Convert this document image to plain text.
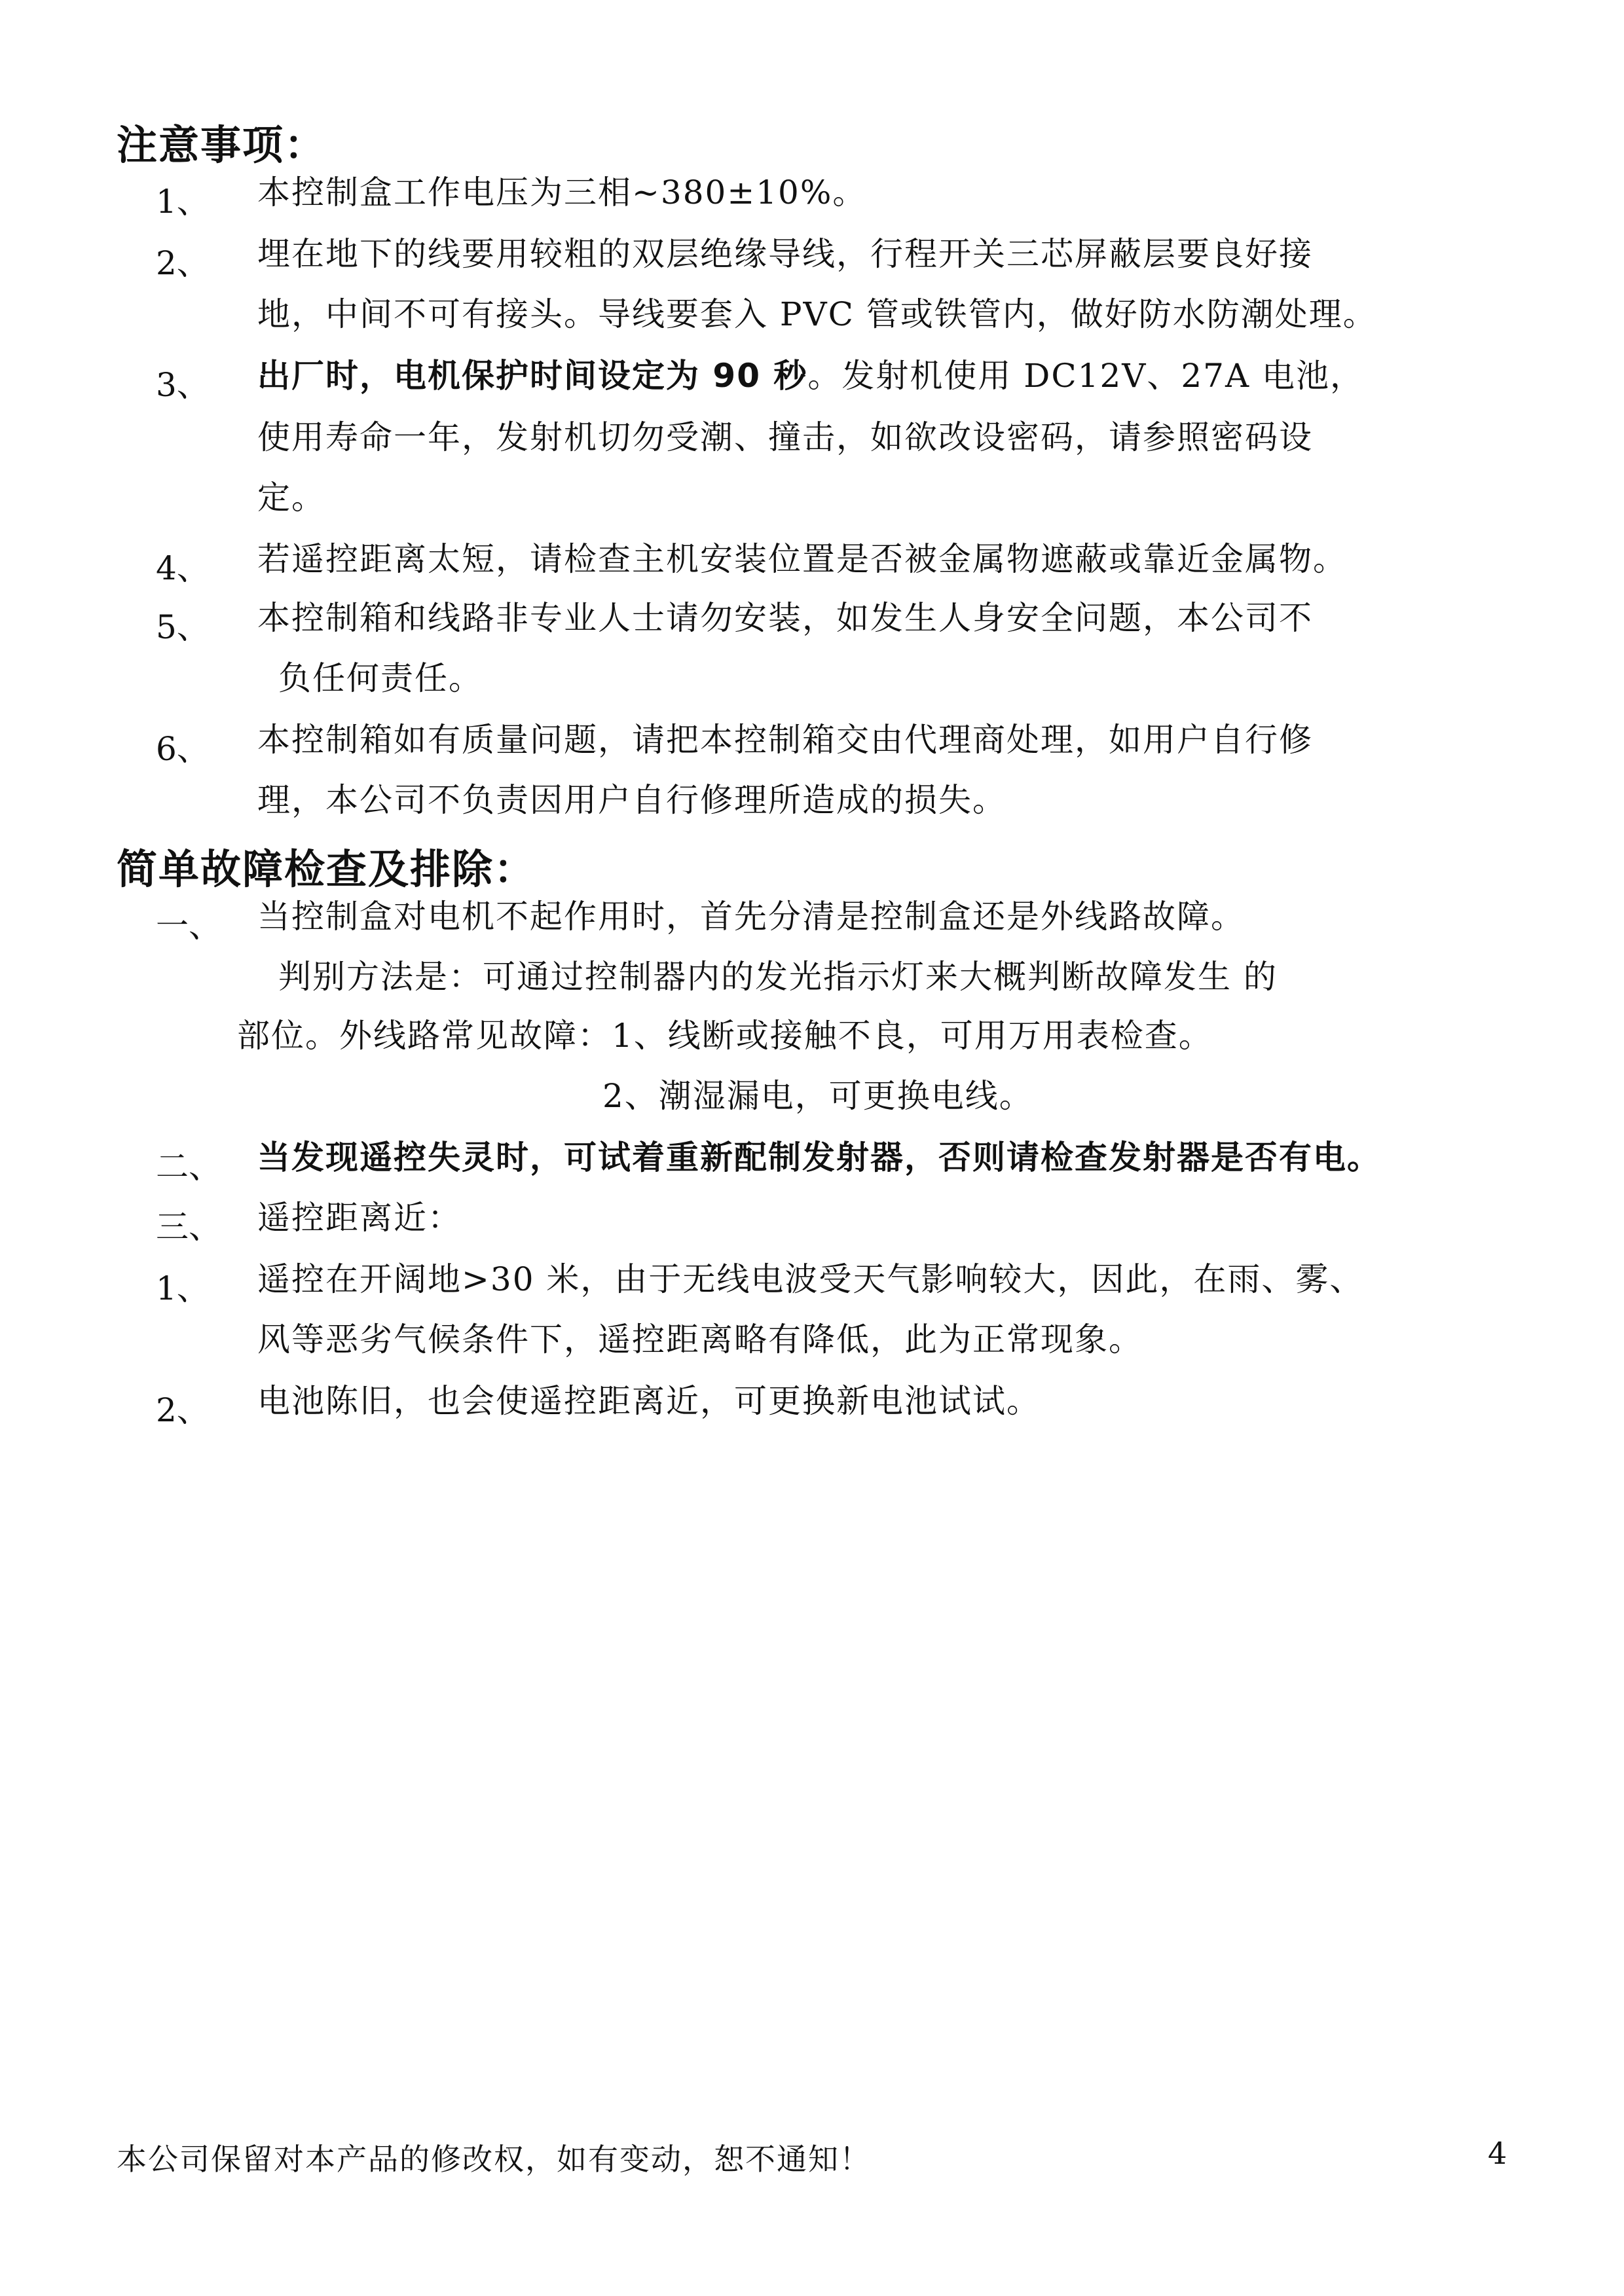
注意事项：
1、 本控制盒工作电压为三相~380±10%。
2、 埋在地下的线要用较粗的双层绝缘导线，行程开关三芯屏蔽层要良好接
地，中间不可有接头。导线要套入 PVC 管或铁管内，做好防水防潮处理。
3、 出厂时，电机保护时间设定为 90 秒。发射机使用 DC12V、27A 电池，
使用寿命一年，发射机切勿受潮、撞击，如欲改设密码，请参照密码设
定。
4、 若遥控距离太短，请检查主机安装位置是否被金属物遮蔽或靠近金属物。
5、 本控制箱和线路非专业人士请勿安装，如发生人身安全问题，本公司不
负任何责任。
6、 本控制箱如有质量问题，请把本控制箱交由代理商处理，如用户自行修
理，本公司不负责因用户自行修理所造成的损失。
简单故障检查及排除：
一、 当控制盒对电机不起作用时，首先分清是控制盒还是外线路故障。
判别方法是：可通过控制器内的发光指示灯来大概判断故障发生 的
部位。外线路常见故障：1、线断或接触不良，可用万用表检查。
2、潮湿漏电，可更换电线。
二、 当发现遥控失灵时，可试着重新配制发射器，否则请检查发射器是否有电。
三、 遥控距离近：
1、 遥控在开阔地>30 米，由于无线电波受天气影响较大，因此，在雨、雾、
风等恶劣气候条件下，遥控距离略有降低，此为正常现象。
2、 电池陈旧，也会使遥控距离近，可更换新电池试试。
本公司保留对本产品的修改权，如有变动，恕不通知！	4
